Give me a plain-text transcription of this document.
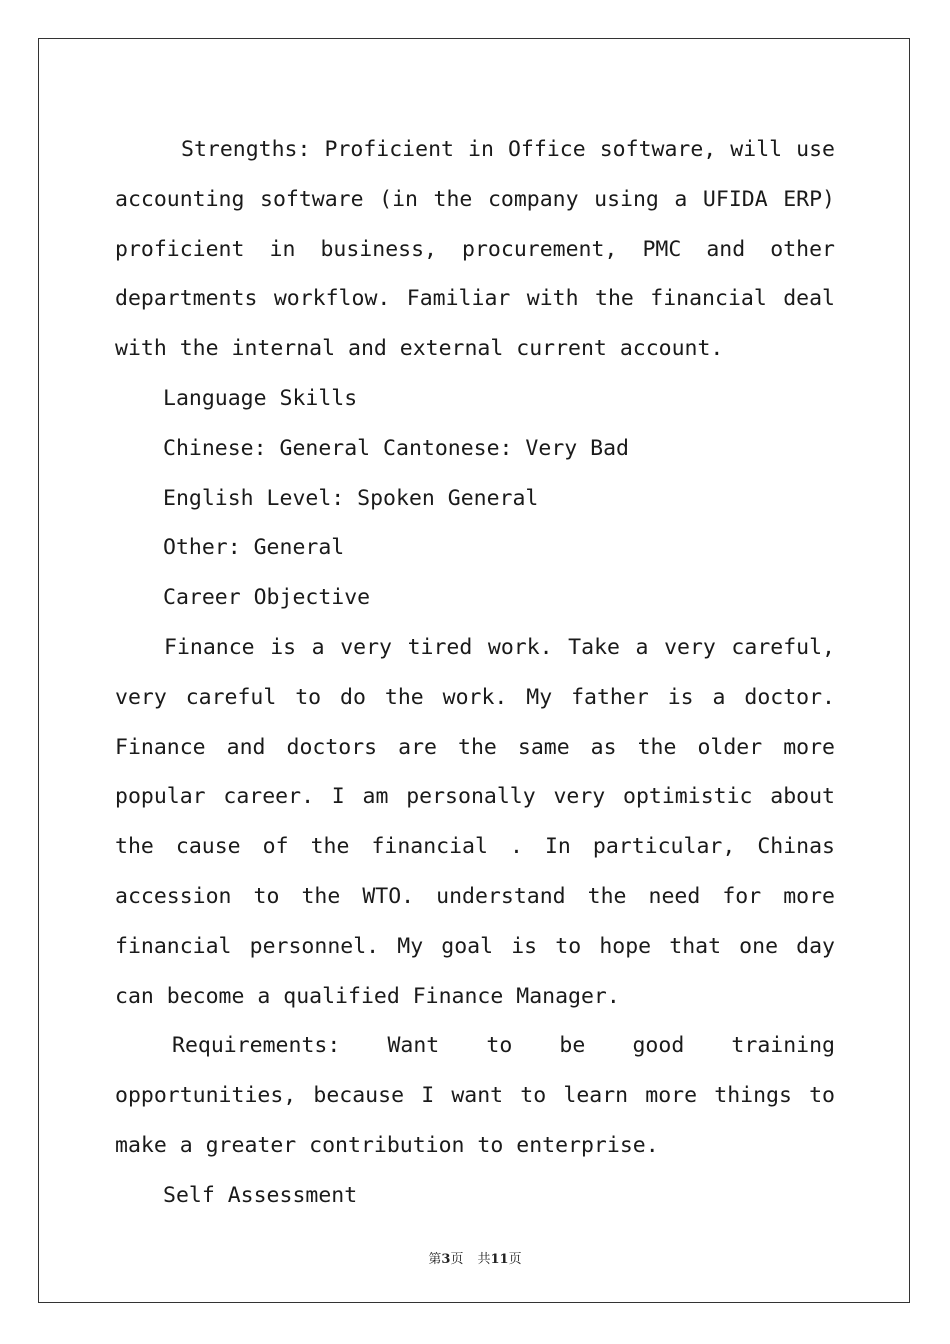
Strengths: Proficient in Office software, will use accounting software (in the company using a UFIDA ERP) proficient in business, procurement, PMC and other departments workflow. Familiar with the financial deal with the internal and external current account.

Language Skills

Chinese: General Cantonese: Very Bad

English Level: Spoken General

Other: General

Career Objective

Finance is a very tired work. Take a very careful, very careful to do the work. My father is a doctor. Finance and doctors are the same as the older more popular career. I am personally very optimistic about the cause of the financial . In particular, Chinas accession to the WTO. understand the need for more financial personnel. My goal is to hope that one day can become a qualified Finance Manager.

Requirements: Want to be good training opportunities, because I want to learn more things to make a greater contribution to enterprise.

Self Assessment

第3页 共11页
